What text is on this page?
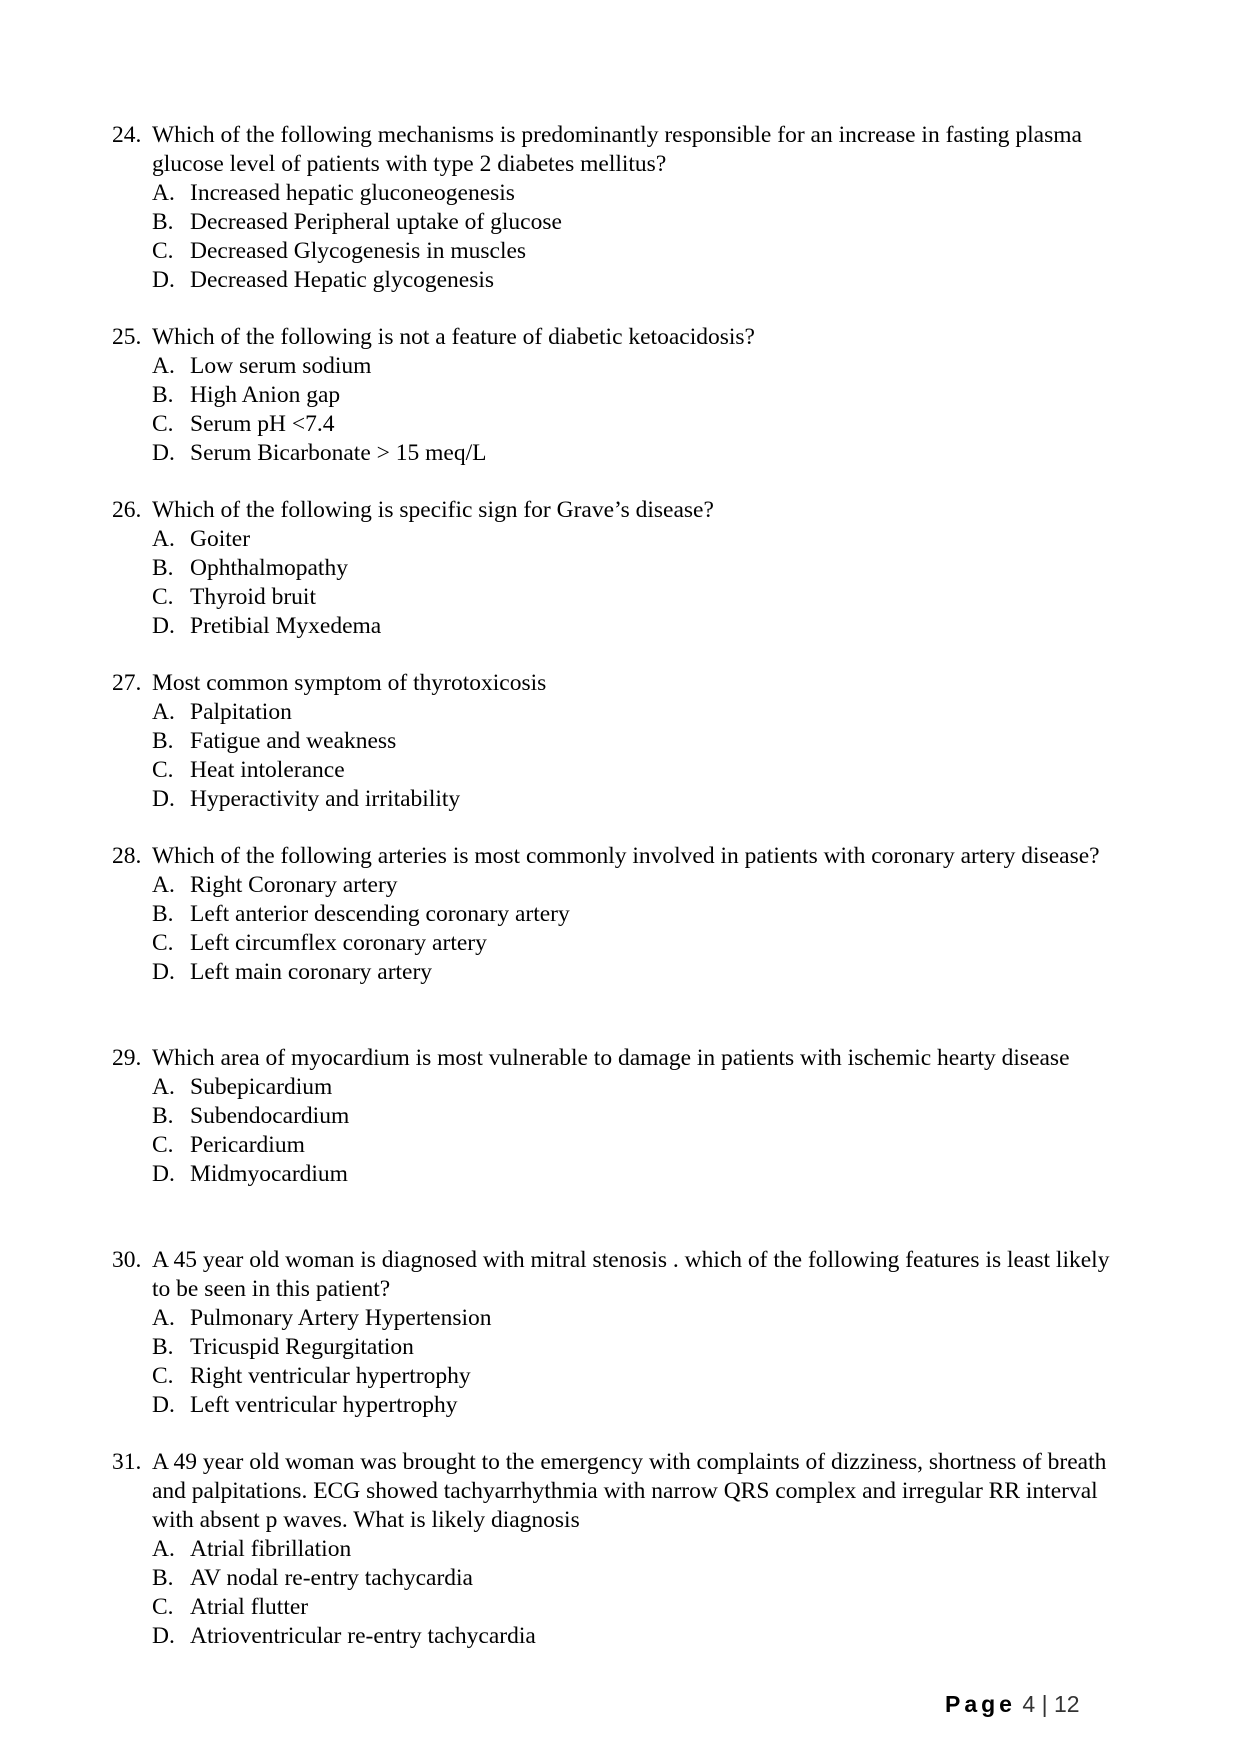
24. Which of the following mechanisms is predominantly responsible for an increase in fasting plasma glucose level of patients with type 2 diabetes mellitus?
A. Increased hepatic gluconeogenesis
B. Decreased Peripheral uptake of glucose
C. Decreased Glycogenesis in muscles
D. Decreased Hepatic glycogenesis
25. Which of the following is not a feature of diabetic ketoacidosis?
A. Low serum sodium
B. High Anion gap
C. Serum pH <7.4
D. Serum Bicarbonate > 15 meq/L
26. Which of the following is specific sign for Grave’s disease?
A. Goiter
B. Ophthalmopathy
C. Thyroid bruit
D. Pretibial Myxedema
27. Most common symptom of thyrotoxicosis
A. Palpitation
B. Fatigue and weakness
C. Heat intolerance
D. Hyperactivity and irritability
28. Which of the following arteries is most commonly involved in patients with coronary artery disease?
A. Right Coronary artery
B. Left anterior descending coronary artery
C. Left circumflex coronary artery
D. Left main coronary artery
29. Which area of myocardium is most vulnerable to damage in patients with ischemic hearty disease
A. Subepicardium
B. Subendocardium
C. Pericardium
D. Midmyocardium
30. A 45 year old woman is diagnosed with mitral stenosis . which of the following features is least likely to be seen in this patient?
A. Pulmonary Artery Hypertension
B. Tricuspid Regurgitation
C. Right ventricular hypertrophy
D. Left ventricular hypertrophy
31. A 49 year old woman was brought to the emergency with complaints of dizziness, shortness of breath and palpitations. ECG showed tachyarrhythmia with narrow QRS complex and irregular RR interval with absent p waves. What is likely diagnosis
A. Atrial fibrillation
B. AV nodal re-entry tachycardia
C. Atrial flutter
D. Atrioventricular re-entry tachycardia
Page 4 | 12
